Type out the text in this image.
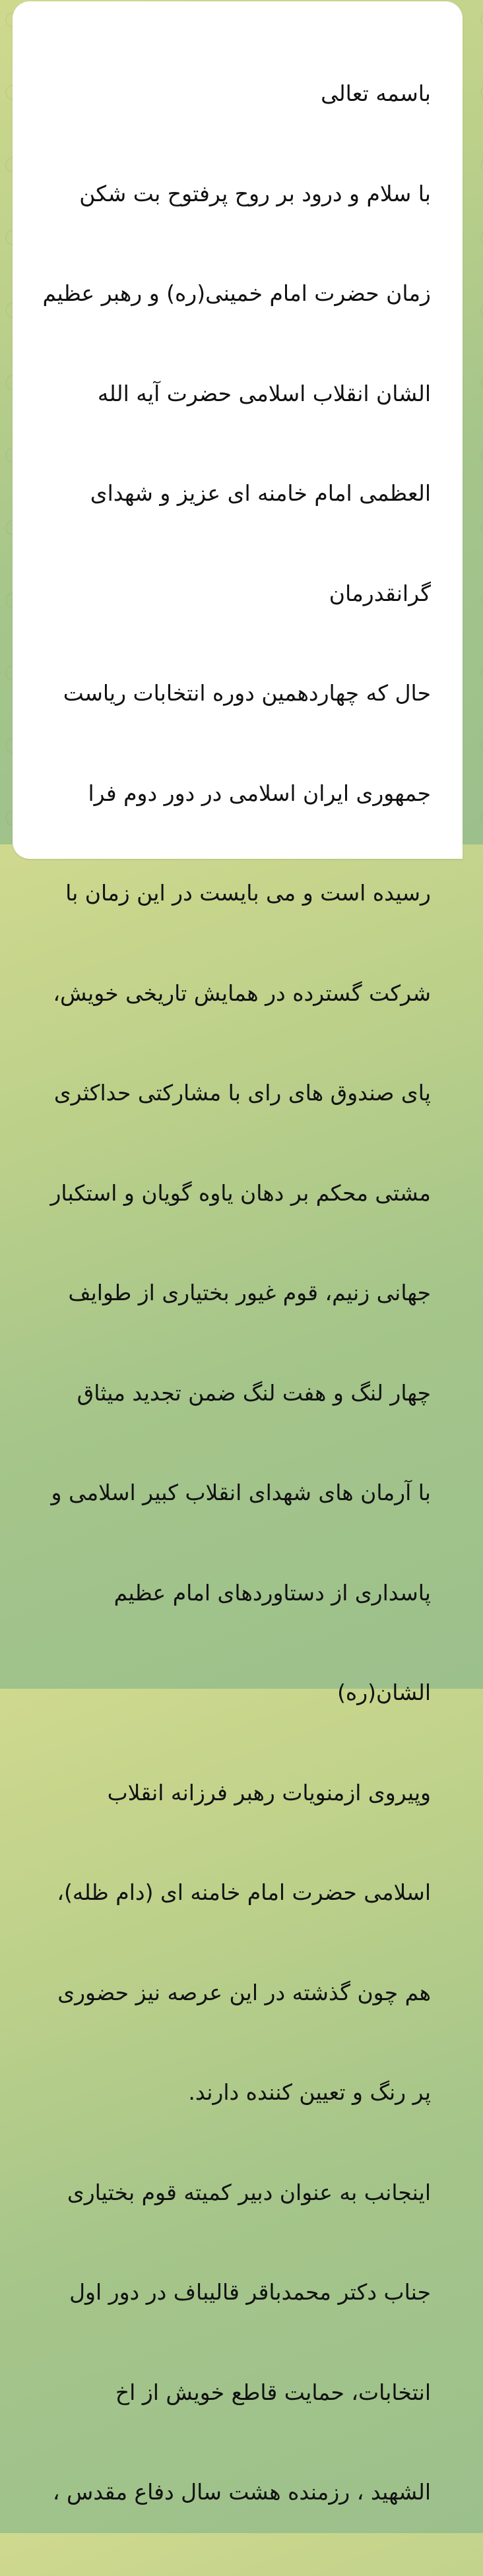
باسمه تعالی

با سلام و درود بر روح پرفتوح بت شکن

زمان حضرت امام خمینی(ره) و رهبر عظیم

الشان انقلاب اسلامی حضرت آیه الله

العظمی امام خامنه ای عزیز و شهدای

گرانقدرمان

حال که چهاردهمین دوره انتخابات ریاست

جمهوری ایران اسلامی در دور دوم فرا

رسیده است و می بایست در این زمان با

شرکت گسترده در همایش تاریخی خویش،

پای صندوق های رای با مشارکتی حداکثری

مشتی محکم بر دهان یاوه گویان و استکبار

جهانی زنیم، قوم غیور بختیاری از طوایف

چهار لنگ و هفت لنگ ضمن تجدید میثاق

با آرمان های شهدای انقلاب کبیر اسلامی و

پاسداری از دستاوردهای امام عظیم

الشان(ره)

وپیروی ازمنویات رهبر فرزانه انقلاب

اسلامی حضرت امام خامنه ای (دام ظله)،

هم چون گذشته در این عرصه نیز حضوری

پر رنگ و تعیین کننده دارند.

اینجانب به عنوان دبیر کمیته قوم بختیاری

جناب دکتر محمدباقر قالیباف در دور اول

انتخابات، حمایت قاطع خویش از اخ

الشهید ، رزمنده هشت سال دفاع مقدس ،
